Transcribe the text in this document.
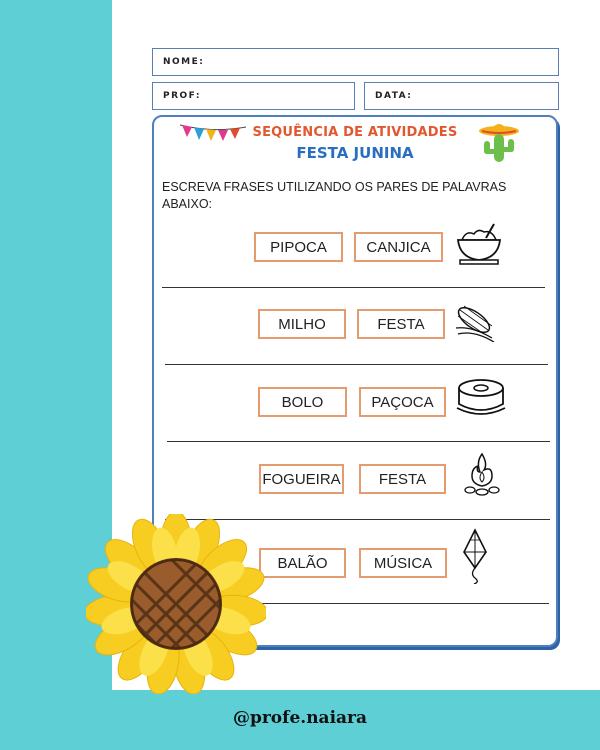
NOME:
PROF:	DATA:
SEQUÊNCIA DE ATIVIDADES
FESTA JUNINA
ESCREVA FRASES UTILIZANDO OS PARES DE PALAVRAS ABAIXO:
PIPOCA	CANJICA
MILHO	FESTA
BOLO	PAÇOCA
FOGUEIRA	FESTA
BALÃO	MÚSICA
@profe.naiara
